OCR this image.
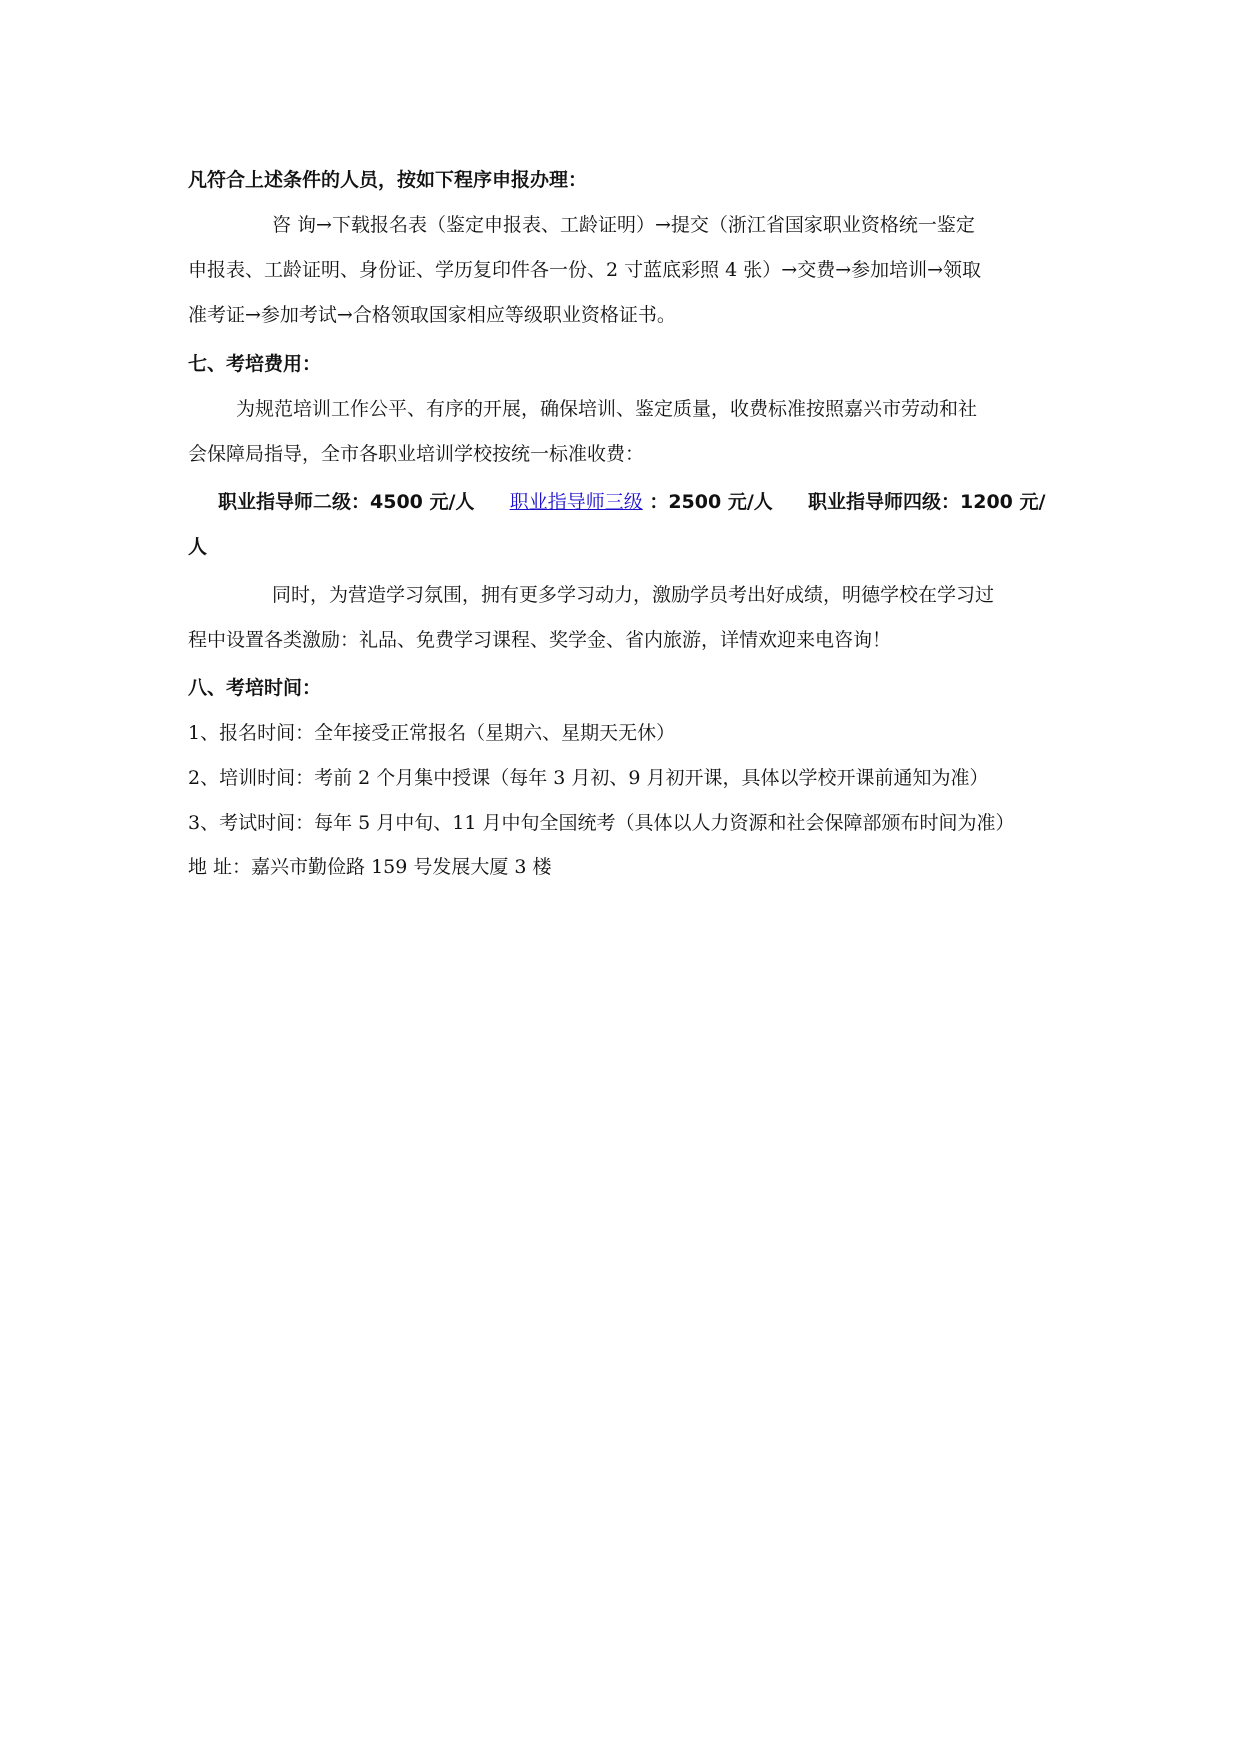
凡符合上述条件的人员，按如下程序申报办理：
咨 询→下载报名表（鉴定申报表、工龄证明）→提交（浙江省国家职业资格统一鉴定
申报表、工龄证明、身份证、学历复印件各一份、2 寸蓝底彩照 4 张）→交费→参加培训→领取
准考证→参加考试→合格领取国家相应等级职业资格证书。
七、考培费用：
为规范培训工作公平、有序的开展，确保培训、鉴定质量，收费标准按照嘉兴市劳动和社
会保障局指导，全市各职业培训学校按统一标准收费：
职业指导师二级：4500 元/人 职业指导师三级 ：2500 元/人 职业指导师四级：1200 元/
人
同时，为营造学习氛围，拥有更多学习动力，激励学员考出好成绩，明德学校在学习过
程中设置各类激励：礼品、免费学习课程、奖学金、省内旅游，详情欢迎来电咨询！
八、考培时间：
1、报名时间：全年接受正常报名（星期六、星期天无休）
2、培训时间：考前 2 个月集中授课（每年 3 月初、9 月初开课，具体以学校开课前通知为准）
3、考试时间：每年 5 月中旬、11 月中旬全国统考（具体以人力资源和社会保障部颁布时间为准）
地 址：嘉兴市勤俭路 159 号发展大厦 3 楼
